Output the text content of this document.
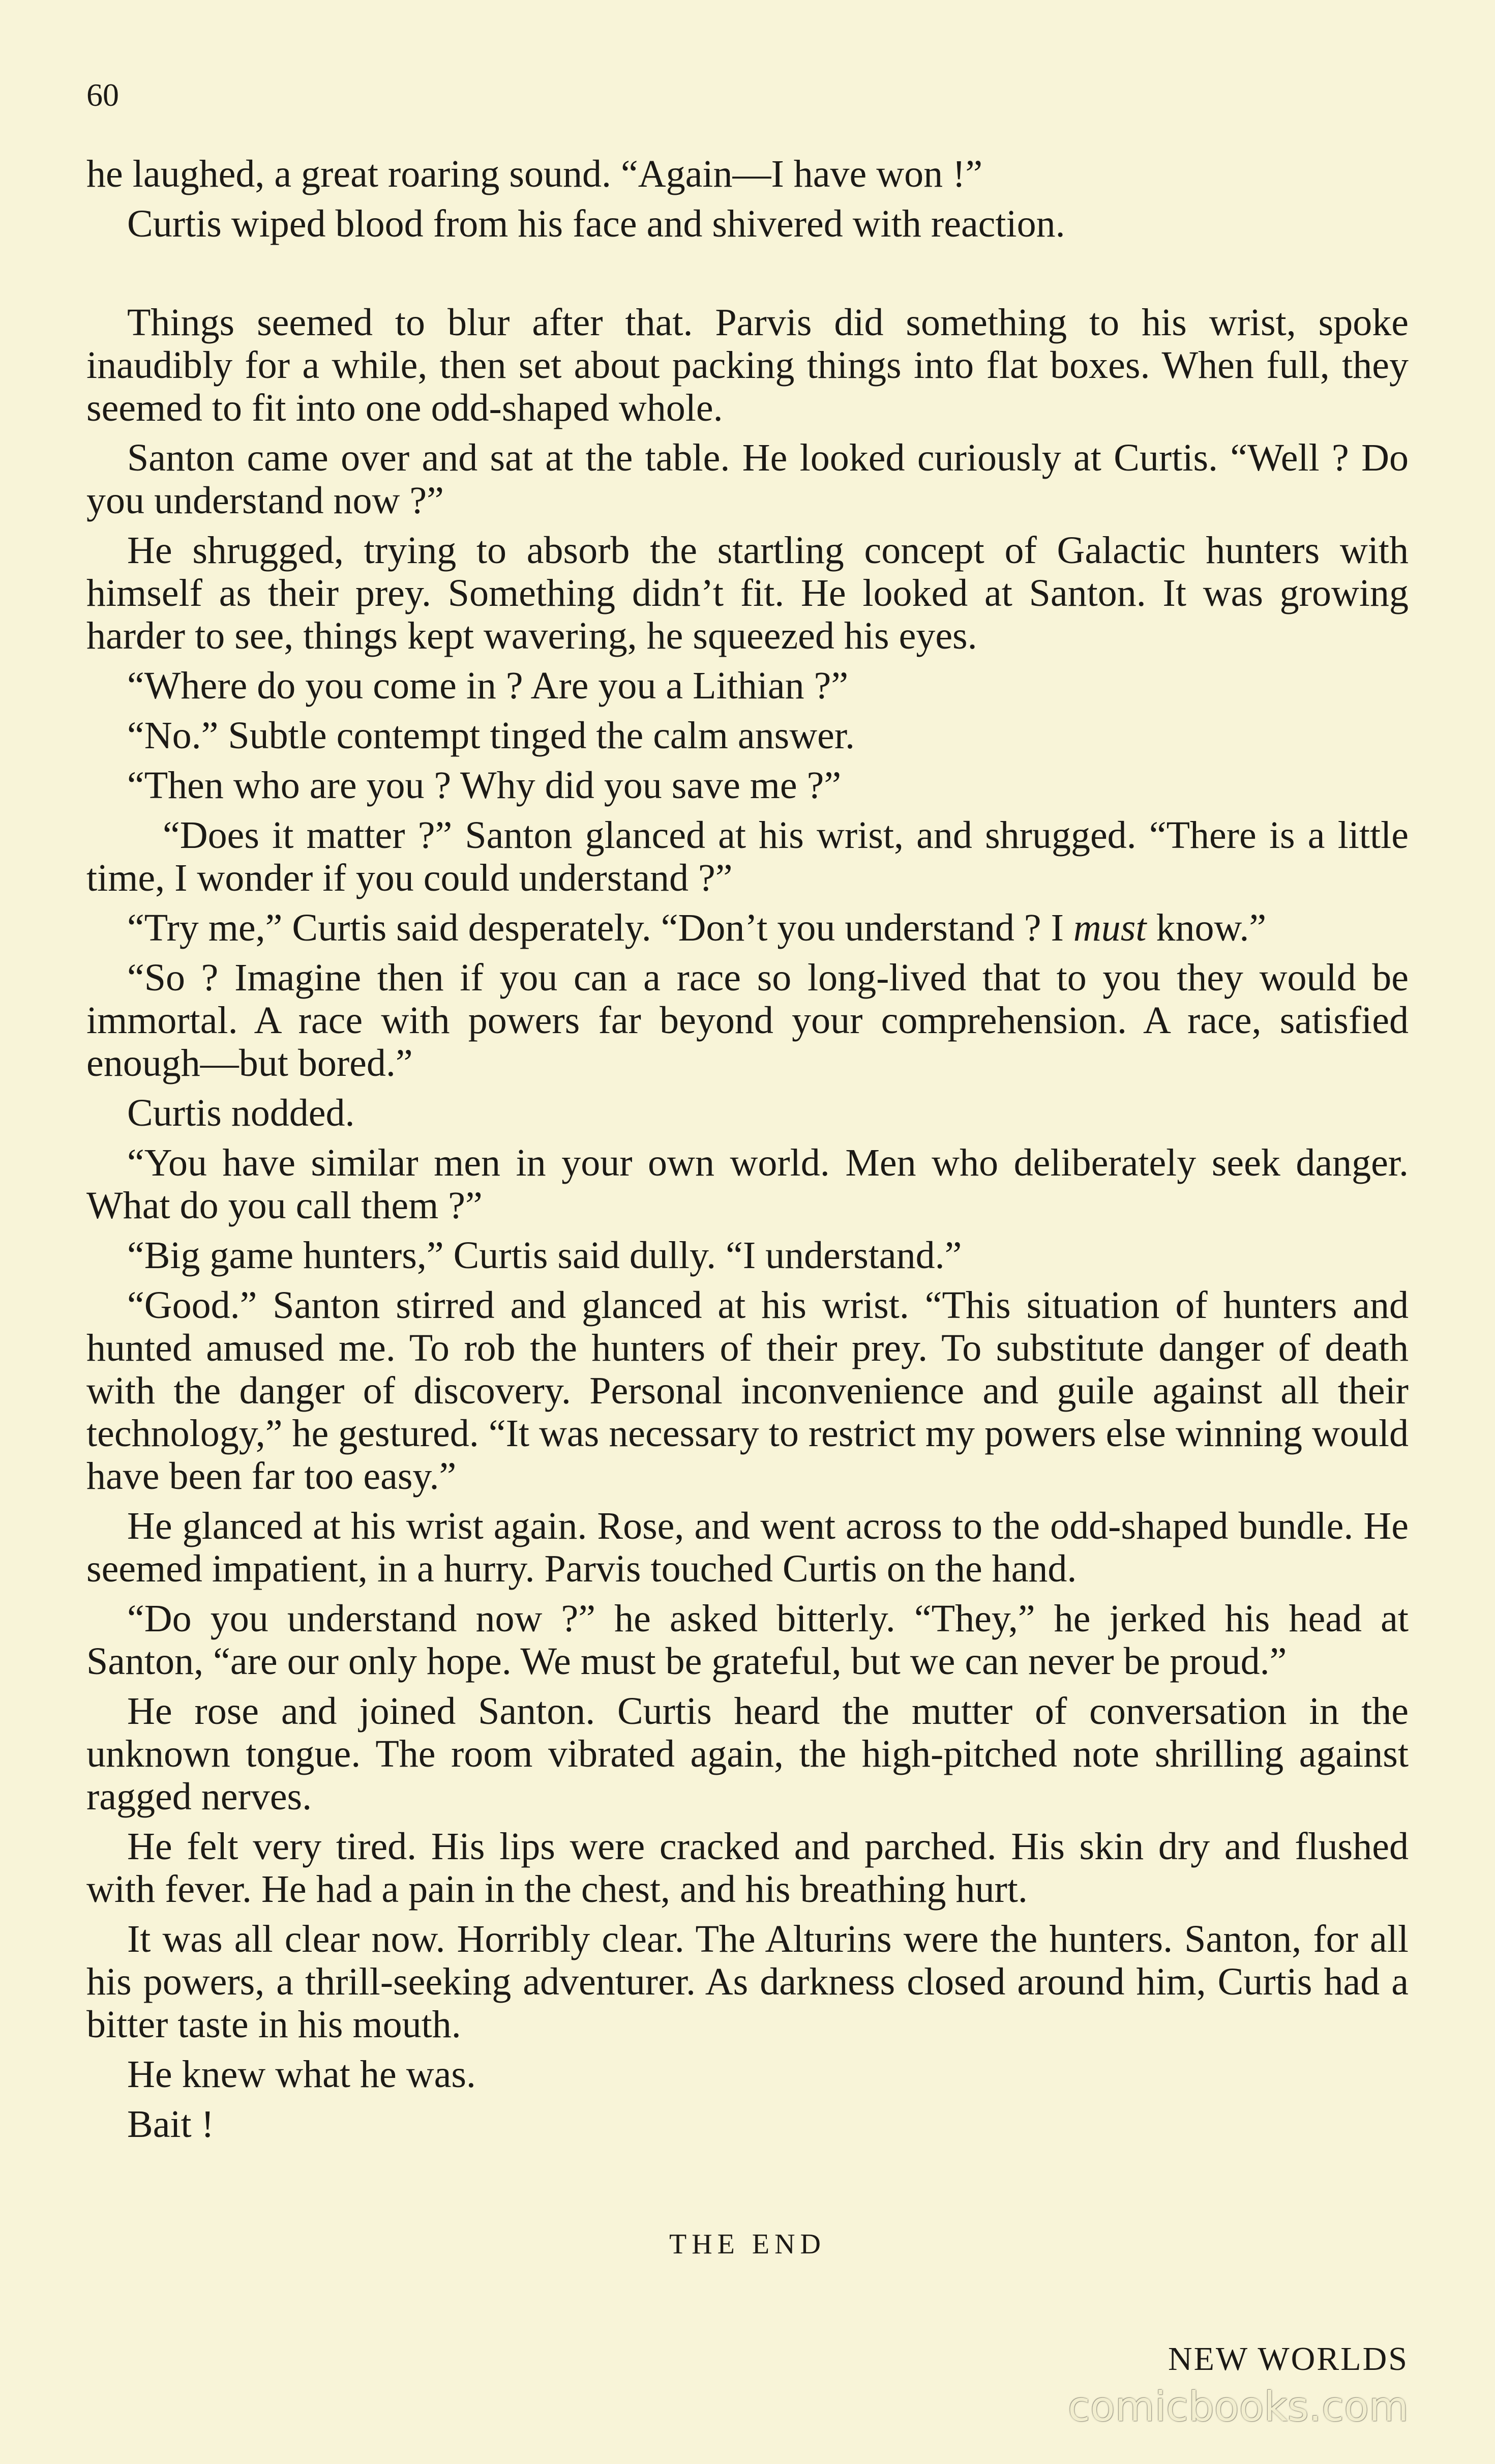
60

he laughed, a great roaring sound. “Again—I have won !”

Curtis wiped blood from his face and shivered with reaction.

Things seemed to blur after that. Parvis did something to his wrist, spoke inaudibly for a while, then set about packing things into flat boxes. When full, they seemed to fit into one odd-shaped whole.

Santon came over and sat at the table. He looked curiously at Curtis. “Well ? Do you understand now ?”

He shrugged, trying to absorb the startling concept of Galactic hunters with himself as their prey. Something didn’t fit. He looked at Santon. It was growing harder to see, things kept wavering, he squeezed his eyes.

“Where do you come in ? Are you a Lithian ?”

“No.” Subtle contempt tinged the calm answer.

“Then who are you ? Why did you save me ?”

“Does it matter ?” Santon glanced at his wrist, and shrugged. “There is a little time, I wonder if you could understand ?”

“Try me,” Curtis said desperately. “Don’t you understand ? I must know.”

“So ? Imagine then if you can a race so long-lived that to you they would be immortal. A race with powers far beyond your comprehension. A race, satisfied enough—but bored.”

Curtis nodded.

“You have similar men in your own world. Men who deliberately seek danger. What do you call them ?”

“Big game hunters,” Curtis said dully. “I understand.”

“Good.” Santon stirred and glanced at his wrist. “This situation of hunters and hunted amused me. To rob the hunters of their prey. To substitute danger of death with the danger of discovery. Personal inconvenience and guile against all their technology,” he gestured. “It was necessary to restrict my powers else winning would have been far too easy.”

He glanced at his wrist again. Rose, and went across to the odd-shaped bundle. He seemed impatient, in a hurry. Parvis touched Curtis on the hand.

“Do you understand now ?” he asked bitterly. “They,” he jerked his head at Santon, “are our only hope. We must be grateful, but we can never be proud.”

He rose and joined Santon. Curtis heard the mutter of conversation in the unknown tongue. The room vibrated again, the high-pitched note shrilling against ragged nerves.

He felt very tired. His lips were cracked and parched. His skin dry and flushed with fever. He had a pain in the chest, and his breathing hurt.

It was all clear now. Horribly clear. The Alturins were the hunters. Santon, for all his powers, a thrill-seeking adventurer. As darkness closed around him, Curtis had a bitter taste in his mouth.

He knew what he was.

Bait !

THE END

NEW WORLDS

comicbooks.com
